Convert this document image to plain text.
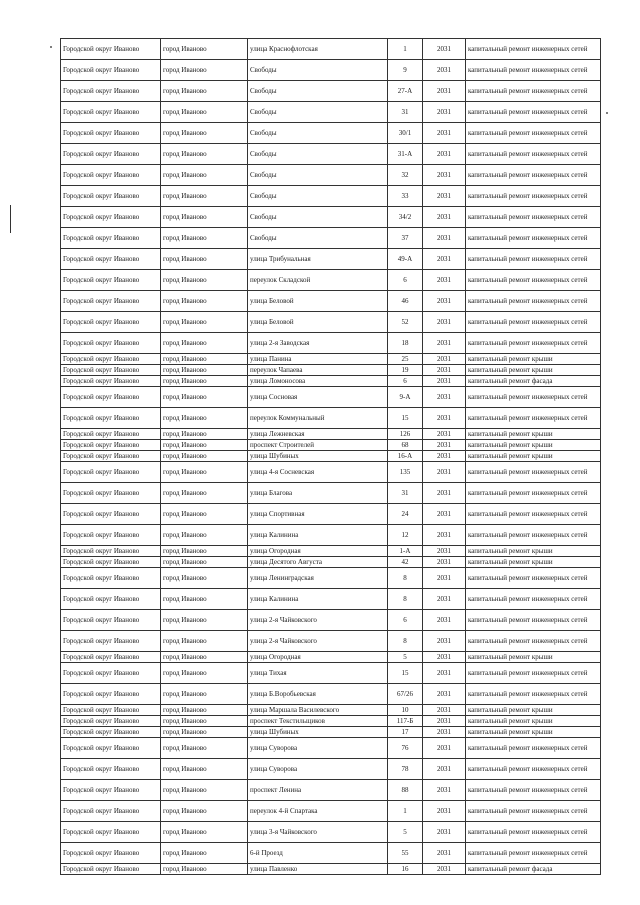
Городской округ Иваново	город Иваново	улица Краснофлотская	1	2031	капитальный ремонт инженерных сетей
Городской округ Иваново	город Иваново	Свободы	9	2031	капитальный ремонт инженерных сетей
Городской округ Иваново	город Иваново	Свободы	27-А	2031	капитальный ремонт инженерных сетей
Городской округ Иваново	город Иваново	Свободы	31	2031	капитальный ремонт инженерных сетей
Городской округ Иваново	город Иваново	Свободы	30/1	2031	капитальный ремонт инженерных сетей
Городской округ Иваново	город Иваново	Свободы	31-А	2031	капитальный ремонт инженерных сетей
Городской округ Иваново	город Иваново	Свободы	32	2031	капитальный ремонт инженерных сетей
Городской округ Иваново	город Иваново	Свободы	33	2031	капитальный ремонт инженерных сетей
Городской округ Иваново	город Иваново	Свободы	34/2	2031	капитальный ремонт инженерных сетей
Городской округ Иваново	город Иваново	Свободы	37	2031	капитальный ремонт инженерных сетей
Городской округ Иваново	город Иваново	улица Трибунальная	49-А	2031	капитальный ремонт инженерных сетей
Городской округ Иваново	город Иваново	переулок Складской	6	2031	капитальный ремонт инженерных сетей
Городской округ Иваново	город Иваново	улица Беловой	46	2031	капитальный ремонт инженерных сетей
Городской округ Иваново	город Иваново	улица Беловой	52	2031	капитальный ремонт инженерных сетей
Городской округ Иваново	город Иваново	улица 2-я Заводская	18	2031	капитальный ремонт инженерных сетей
Городской округ Иваново	город Иваново	улица Панина	25	2031	капитальный ремонт крыши
Городской округ Иваново	город Иваново	переулок Чапаева	19	2031	капитальный ремонт крыши
Городской округ Иваново	город Иваново	улица Ломоносова	6	2031	капитальный ремонт фасада
Городской округ Иваново	город Иваново	улица Сосновая	9-А	2031	капитальный ремонт инженерных сетей
Городской округ Иваново	город Иваново	переулок Коммунальный	15	2031	капитальный ремонт инженерных сетей
Городской округ Иваново	город Иваново	улица Лежневская	126	2031	капитальный ремонт крыши
Городской округ Иваново	город Иваново	проспект Строителей	68	2031	капитальный ремонт крыши
Городской округ Иваново	город Иваново	улица Шубиных	16-А	2031	капитальный ремонт крыши
Городской округ Иваново	город Иваново	улица 4-я Сосневская	135	2031	капитальный ремонт инженерных сетей
Городской округ Иваново	город Иваново	улица Благова	31	2031	капитальный ремонт инженерных сетей
Городской округ Иваново	город Иваново	улица Спортивная	24	2031	капитальный ремонт инженерных сетей
Городской округ Иваново	город Иваново	улица Калинина	12	2031	капитальный ремонт инженерных сетей
Городской округ Иваново	город Иваново	улица Огородная	1-А	2031	капитальный ремонт крыши
Городской округ Иваново	город Иваново	улица Десятого Августа	42	2031	капитальный ремонт крыши
Городской округ Иваново	город Иваново	улица Ленинградская	8	2031	капитальный ремонт инженерных сетей
Городской округ Иваново	город Иваново	улица Калинина	8	2031	капитальный ремонт инженерных сетей
Городской округ Иваново	город Иваново	улица 2-я Чайковского	6	2031	капитальный ремонт инженерных сетей
Городской округ Иваново	город Иваново	улица 2-я Чайковского	8	2031	капитальный ремонт инженерных сетей
Городской округ Иваново	город Иваново	улица Огородная	5	2031	капитальный ремонт крыши
Городской округ Иваново	город Иваново	улица Тихая	15	2031	капитальный ремонт инженерных сетей
Городской округ Иваново	город Иваново	улица Б.Воробьевская	67/26	2031	капитальный ремонт инженерных сетей
Городской округ Иваново	город Иваново	улица Маршала Василевского	10	2031	капитальный ремонт крыши
Городской округ Иваново	город Иваново	проспект Текстильщиков	117-Б	2031	капитальный ремонт крыши
Городской округ Иваново	город Иваново	улица Шубиных	17	2031	капитальный ремонт крыши
Городской округ Иваново	город Иваново	улица Суворова	76	2031	капитальный ремонт инженерных сетей
Городской округ Иваново	город Иваново	улица Суворова	78	2031	капитальный ремонт инженерных сетей
Городской округ Иваново	город Иваново	проспект Ленина	88	2031	капитальный ремонт инженерных сетей
Городской округ Иваново	город Иваново	переулок 4-й Спартака	1	2031	капитальный ремонт инженерных сетей
Городской округ Иваново	город Иваново	улица 3-я Чайковского	5	2031	капитальный ремонт инженерных сетей
Городской округ Иваново	город Иваново	6-й Проезд	55	2031	капитальный ремонт инженерных сетей
Городской округ Иваново	город Иваново	улица Павленко	16	2031	капитальный ремонт фасада
